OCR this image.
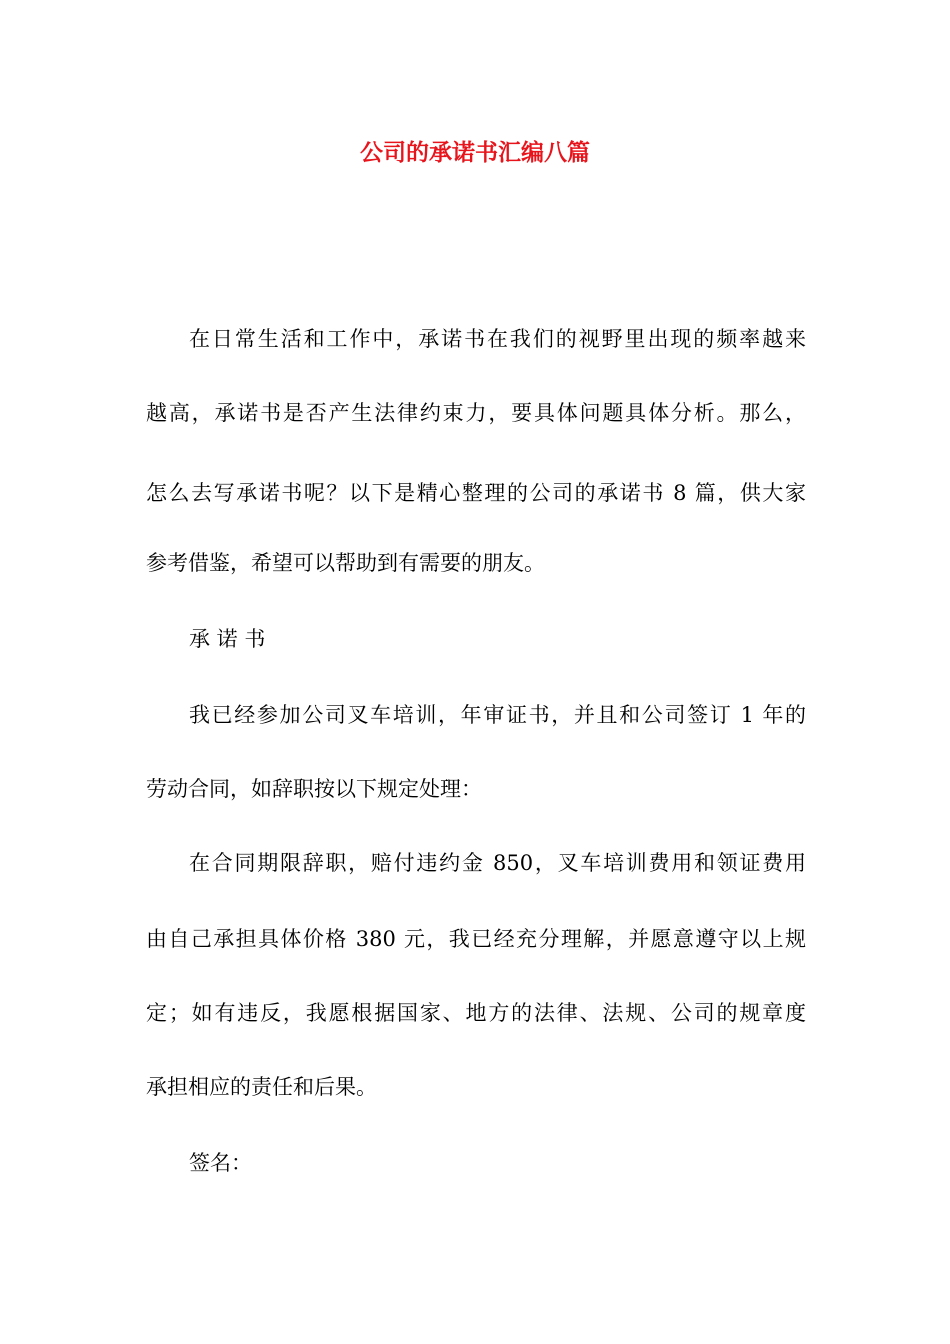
公司的承诺书汇编八篇
在日常生活和工作中，承诺书在我们的视野里出现的频率越来
越高，承诺书是否产生法律约束力，要具体问题具体分析。那么，
怎么去写承诺书呢？以下是精心整理的公司的承诺书 8 篇，供大家
参考借鉴，希望可以帮助到有需要的朋友。
承 诺 书
我已经参加公司叉车培训，年审证书，并且和公司签订 1 年的
劳动合同，如辞职按以下规定处理：
在合同期限辞职，赔付违约金 850，叉车培训费用和领证费用
由自己承担具体价格 380 元，我已经充分理解，并愿意遵守以上规
定；如有违反，我愿根据国家、地方的法律、法规、公司的规章度
承担相应的责任和后果。
签名：
